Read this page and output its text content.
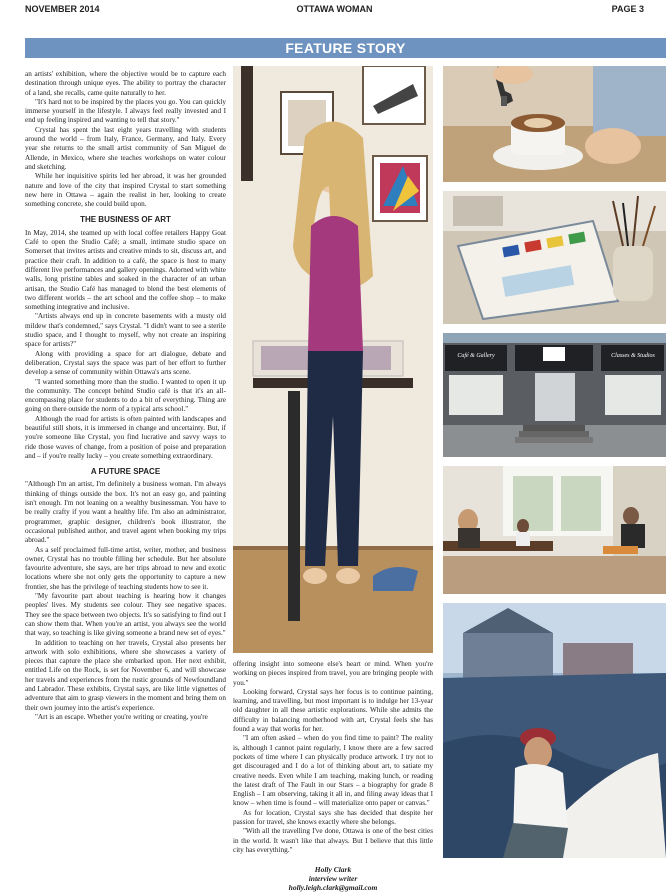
NOVEMBER 2014	OTTAWA WOMAN	PAGE 3
FEATURE STORY

an artists' exhibition, where the objective would be to capture each destination through unique eyes. The ability to portray the character of a land, she recalls, came quite naturally to her.

"It's hard not to be inspired by the places you go. You can quickly immerse yourself in the lifestyle. I always feel really invested and I end up feeling inspired and wanting to tell that story."

Crystal has spent the last eight years travelling with students around the world – from Italy, France, Germany, and Italy. Every year she returns to the small artist community of San Miguel de Allende, in Mexico, where she teaches workshops on water colour and sketching.

While her inquisitive spirits led her abroad, it was her grounded nature and love of the city that inspired Crystal to start something new here in Ottawa – again the realist in her, looking to create something concrete, she could build upon.

THE BUSINESS OF ART

In May, 2014, she teamed up with local coffee retailers Happy Goat Café to open the Studio Café; a small, intimate studio space on Somerset that invites artists and creative minds to sit, discuss art, and practice their craft. In addition to a café, the space is host to many different live performances and gallery openings. Adorned with white walls, long pristine tables and soaked in the character of an urban artisan, the Studio Café has managed to blend the best elements of two different worlds – the art school and the coffee shop – to make something integrative and inclusive.

"Artists always end up in concrete basements with a musty old mildew that's condemned," says Crystal. "I didn't want to see a sterile studio space, and I thought to myself, why not create an inspiring space for artists?"

Along with providing a space for art dialogue, debate and deliberation, Crystal says the space was part of her effort to further develop a sense of community within Ottawa's arts scene.

"I wanted something more than the studio. I wanted to open it up the community. The concept behind Studio café is that it's an all-encompassing place for students to do a bit of everything. Thing are going on there outside the norm of a typical arts school."

Although the road for artists is often painted with landscapes and beautiful still shots, it is immersed in change and uncertainty. But, if you're someone like Crystal, you find lucrative and savvy ways to ride those waves of change, from a position of poise and preparation and – if you're really lucky – you create something extraordinary.

A FUTURE SPACE

"Although I'm an artist, I'm definitely a business woman. I'm always thinking of things outside the box. It's not an easy go, and painting isn't enough. I'm not leaning on a wealthy businessman. You have to be really crafty if you want a healthy life. I'm also an administrator, programmer, graphic designer, children's book illustrator, the occasional published author, and travel agent when booking my trips abroad."

As a self proclaimed full-time artist, writer, mother, and business owner, Crystal has no trouble filling her schedule. But her absolute favourite adventure, she says, are her trips abroad to new and exotic locations where she not only gets the opportunity to capture a new frontier, she has the privilege of teaching students how to see it.

"My favourite part about teaching is hearing how it changes peoples' lives. My students see colour. They see negative spaces. They see the space between two objects. It's so satisfying to find out I can show them that. When you're an artist, you always see the world that way, so teaching is like giving someone a brand new set of eyes."

In addition to teaching on her travels, Crystal also presents her artwork with solo exhibitions, where she showcases a variety of pieces that capture the place she embarked upon. Her next exhibit, entitled Life on the Rock, is set for November 6, and will showcase her travels and experiences from the rustic grounds of Newfoundland and Labrador. These exhibits, Crystal says, are like little vignettes of adventure that aim to grasp viewers in the moment and bring them on their own journey into the artist's experience.

"Art is an escape. Whether you're writing or creating, you're

offering insight into someone else's heart or mind. When you're working on pieces inspired from travel, you are bringing people with you."

Looking forward, Crystal says her focus is to continue painting, learning, and travelling, but most important is to indulge her 13-year old daughter in all these artistic explorations. While she admits the difficulty in balancing motherhood with art, Crystal feels she has found a way that works for her.

"I am often asked – when do you find time to paint? The reality is, although I cannot paint regularly, I know there are a few sacred pockets of time where I can physically produce artwork. I try not to get discouraged and I do a lot of thinking about art, to satiate my creative needs. Even while I am teaching, making lunch, or reading the latest draft of The Fault in our Stars – a biography for grade 8 English – I am observing, taking it all in, and filing away ideas that I know – when time is found – will materialize onto paper or canvas."

As for location, Crystal says she has decided that despite her passion for travel, she knows exactly where she belongs.

"With all the travelling I've done, Ottawa is one of the best cities in the world. It wasn't like that always. But I believe that this little city has everything."

Holly Clark
interview writer
holly.leigh.clark@gmail.com
Café & Gallery	Classes & Studios
